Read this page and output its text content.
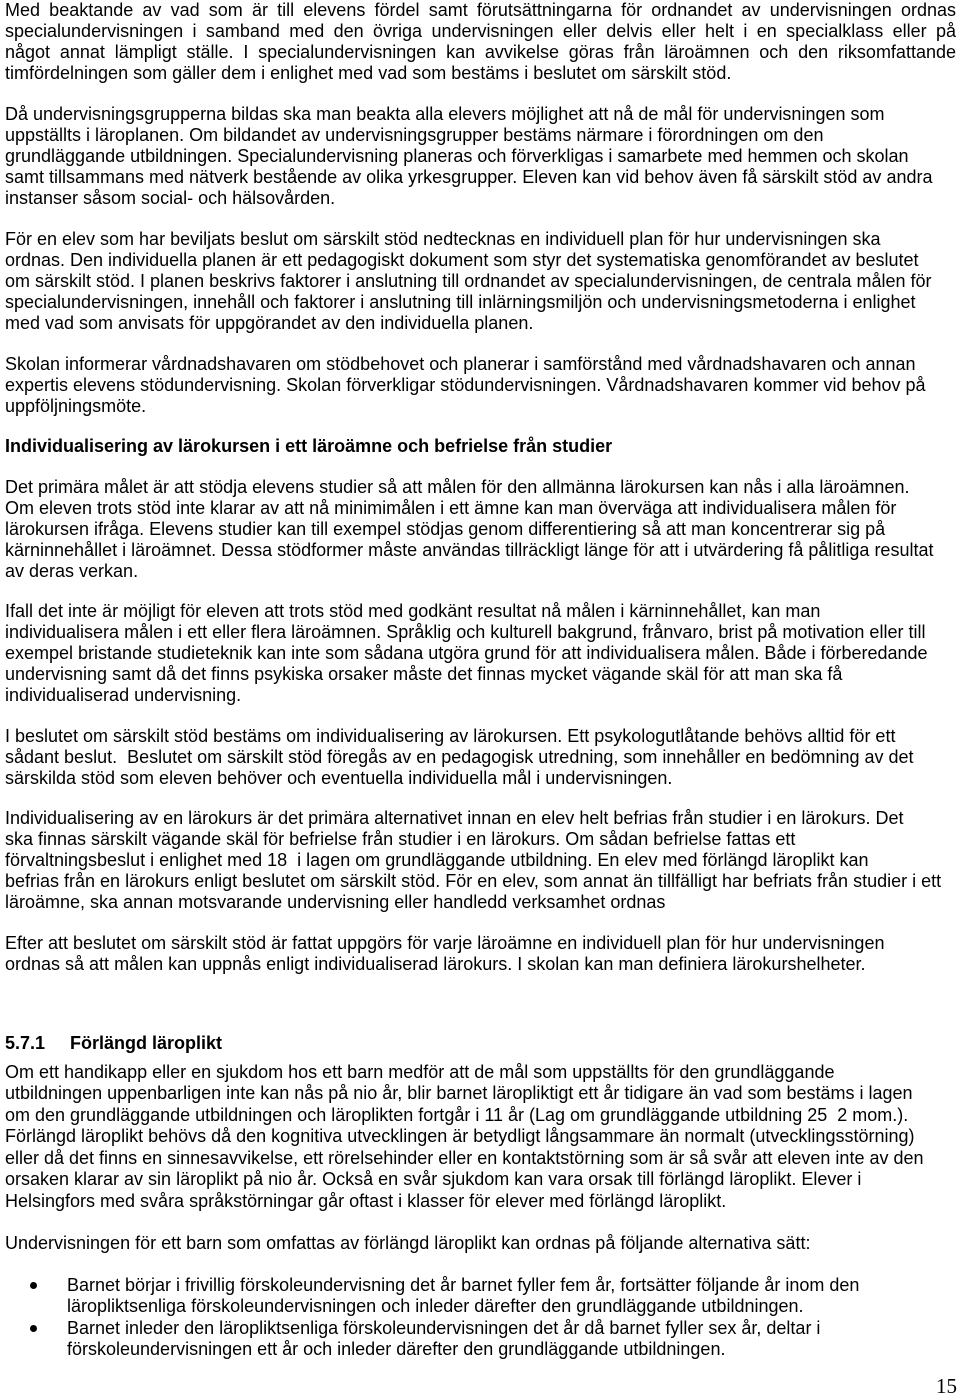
Med beaktande av vad som är till elevens fördel samt förutsättningarna för ordnandet av undervisningen ordnas
specialundervisningen i samband med den övriga undervisningen eller delvis eller helt i en specialklass eller på
något annat lämpligt ställe. I specialundervisningen kan avvikelse göras från läroämnen och den riksomfattande
timfördelningen som gäller dem i enlighet med vad som bestäms i beslutet om särskilt stöd.
Då undervisningsgrupperna bildas ska man beakta alla elevers möjlighet att nå de mål för undervisningen som
uppställts i läroplanen. Om bildandet av undervisningsgrupper bestäms närmare i förordningen om den
grundläggande utbildningen. Specialundervisning planeras och förverkligas i samarbete med hemmen och skolan
samt tillsammans med nätverk bestående av olika yrkesgrupper. Eleven kan vid behov även få särskilt stöd av andra
instanser såsom social- och hälsovården.
För en elev som har beviljats beslut om särskilt stöd nedtecknas en individuell plan för hur undervisningen ska
ordnas. Den individuella planen är ett pedagogiskt dokument som styr det systematiska genomförandet av beslutet
om särskilt stöd. I planen beskrivs faktorer i anslutning till ordnandet av specialundervisningen, de centrala målen för
specialundervisningen, innehåll och faktorer i anslutning till inlärningsmiljön och undervisningsmetoderna i enlighet
med vad som anvisats för uppgörandet av den individuella planen.
Skolan informerar vårdnadshavaren om stödbehovet och planerar i samförstånd med vårdnadshavaren och annan
expertis elevens stödundervisning. Skolan förverkligar stödundervisningen. Vårdnadshavaren kommer vid behov på
uppföljningsmöte.
Individualisering av lärokursen i ett läroämne och befrielse från studier
Det primära målet är att stödja elevens studier så att målen för den allmänna lärokursen kan nås i alla läroämnen.
Om eleven trots stöd inte klarar av att nå minimimålen i ett ämne kan man överväga att individualisera målen för
lärokursen ifråga. Elevens studier kan till exempel stödjas genom differentiering så att man koncentrerar sig på
kärninnehållet i läroämnet. Dessa stödformer måste användas tillräckligt länge för att i utvärdering få pålitliga resultat
av deras verkan.
Ifall det inte är möjligt för eleven att trots stöd med godkänt resultat nå målen i kärninnehållet, kan man
individualisera målen i ett eller flera läroämnen. Språklig och kulturell bakgrund, frånvaro, brist på motivation eller till
exempel bristande studieteknik kan inte som sådana utgöra grund för att individualisera målen. Både i förberedande
undervisning samt då det finns psykiska orsaker måste det finnas mycket vägande skäl för att man ska få
individualiserad undervisning.
I beslutet om särskilt stöd bestäms om individualisering av lärokursen. Ett psykologutlåtande behövs alltid för ett
sådant beslut.  Beslutet om särskilt stöd föregås av en pedagogisk utredning, som innehåller en bedömning av det
särskilda stöd som eleven behöver och eventuella individuella mål i undervisningen.
Individualisering av en lärokurs är det primära alternativet innan en elev helt befrias från studier i en lärokurs. Det
ska finnas särskilt vägande skäl för befrielse från studier i en lärokurs. Om sådan befrielse fattas ett
förvaltningsbeslut i enlighet med 18  i lagen om grundläggande utbildning. En elev med förlängd läroplikt kan
befrias från en lärokurs enligt beslutet om särskilt stöd. För en elev, som annat än tillfälligt har befriats från studier i ett
läroämne, ska annan motsvarande undervisning eller handledd verksamhet ordnas
Efter att beslutet om särskilt stöd är fattat uppgörs för varje läroämne en individuell plan för hur undervisningen
ordnas så att målen kan uppnås enligt individualiserad lärokurs. I skolan kan man definiera lärokurshelheter.
5.7.1 Förlängd läroplikt
Om ett handikapp eller en sjukdom hos ett barn medför att de mål som uppställts för den grundläggande
utbildningen uppenbarligen inte kan nås på nio år, blir barnet läropliktigt ett år tidigare än vad som bestäms i lagen
om den grundläggande utbildningen och läroplikten fortgår i 11 år (Lag om grundläggande utbildning 25  2 mom.).
Förlängd läroplikt behövs då den kognitiva utvecklingen är betydligt långsammare än normalt (utvecklingsstörning)
eller då det finns en sinnesavvikelse, ett rörelsehinder eller en kontaktstörning som är så svår att eleven inte av den
orsaken klarar av sin läroplikt på nio år. Också en svår sjukdom kan vara orsak till förlängd läroplikt. Elever i
Helsingfors med svåra språkstörningar går oftast i klasser för elever med förlängd läroplikt.
Undervisningen för ett barn som omfattas av förlängd läroplikt kan ordnas på följande alternativa sätt:
Barnet börjar i frivillig förskoleundervisning det år barnet fyller fem år, fortsätter följande år inom den
läropliktsenliga förskoleundervisningen och inleder därefter den grundläggande utbildningen.
Barnet inleder den läropliktsenliga förskoleundervisningen det år då barnet fyller sex år, deltar i
förskoleundervisningen ett år och inleder därefter den grundläggande utbildningen.
15
